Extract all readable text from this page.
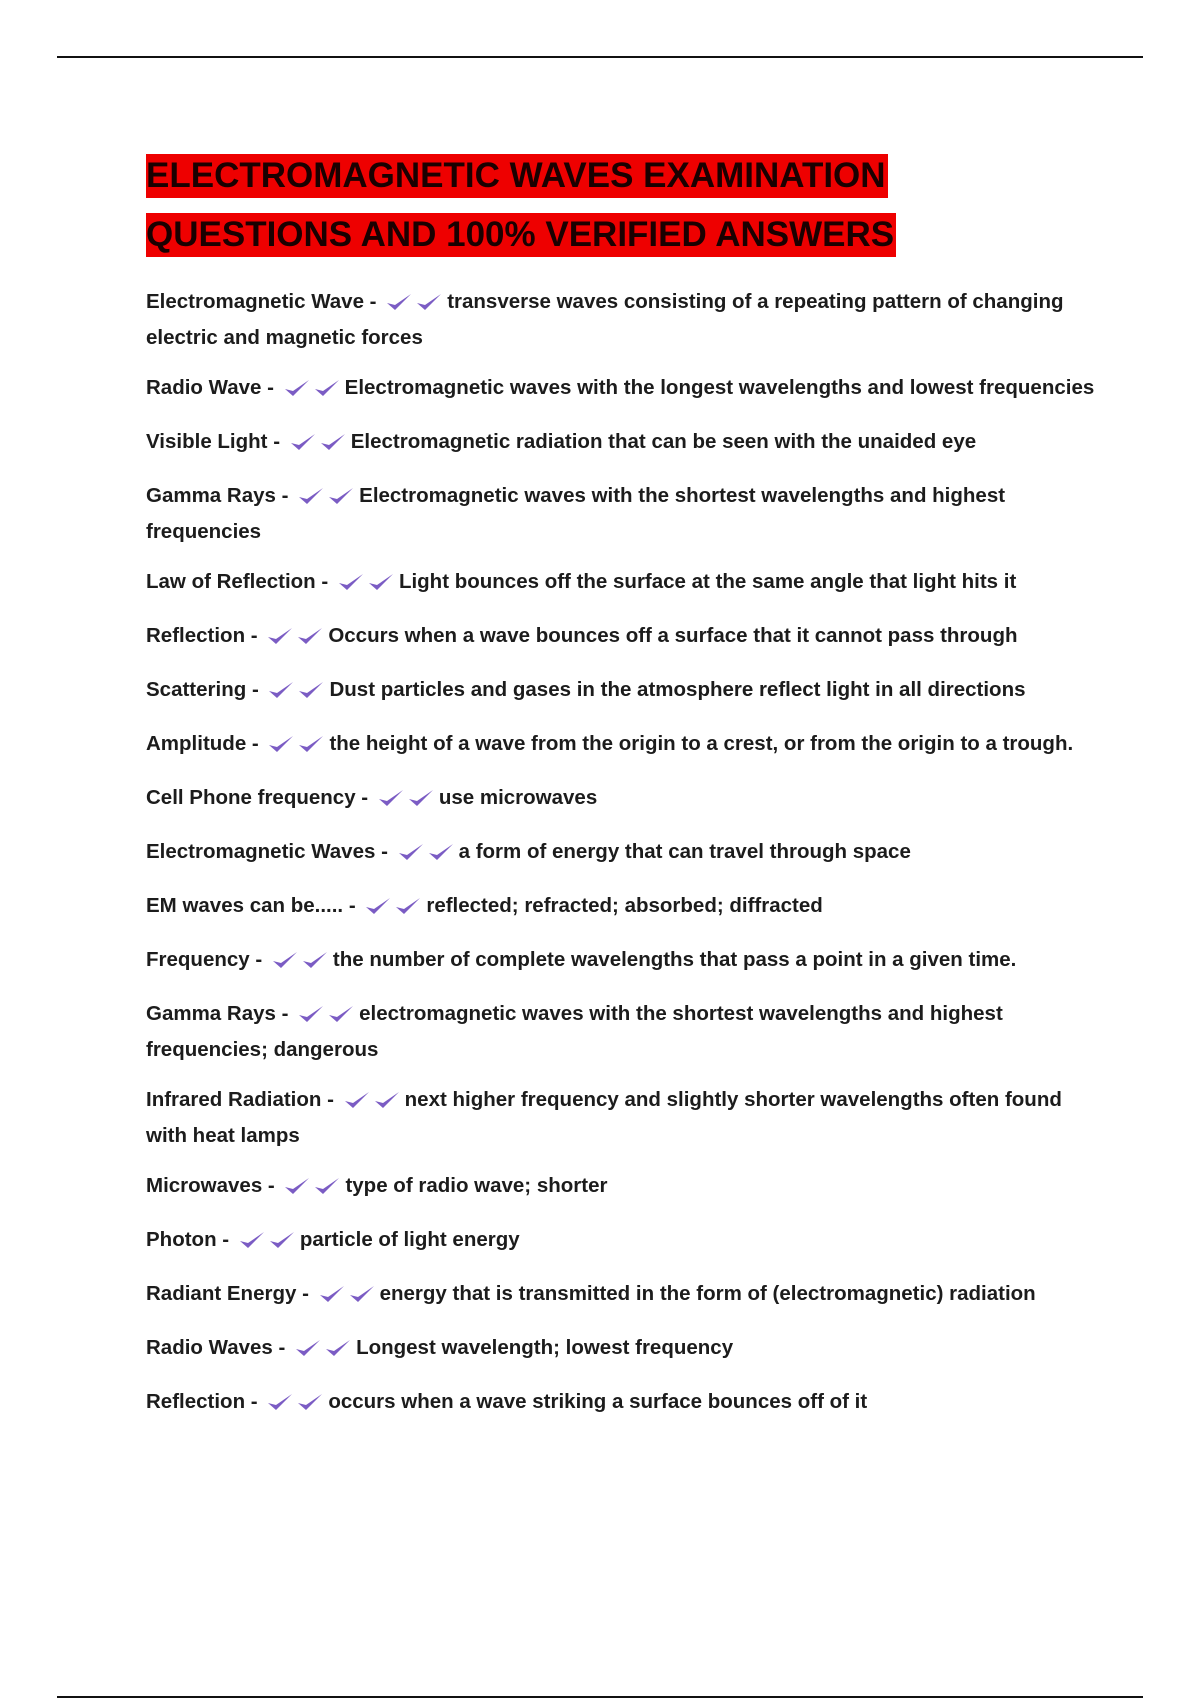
ELECTROMAGNETIC WAVES EXAMINATION
QUESTIONS AND 100% VERIFIED ANSWERS

Electromagnetic Wave -	transverse waves consisting of a repeating pattern of changing electric and magnetic forces

Radio Wave -	Electromagnetic waves with the longest wavelengths and lowest frequencies

Visible Light -	Electromagnetic radiation that can be seen with the unaided eye

Gamma Rays -	Electromagnetic waves with the shortest wavelengths and highest frequencies

Law of Reflection -	Light bounces off the surface at the same angle that light hits it

Reflection -	Occurs when a wave bounces off a surface that it cannot pass through

Scattering -	Dust particles and gases in the atmosphere reflect light in all directions

Amplitude -	the height of a wave from the origin to a crest, or from the origin to a trough.

Cell Phone frequency -	use microwaves

Electromagnetic Waves -	a form of energy that can travel through space

EM waves can be..... -	reflected; refracted; absorbed; diffracted

Frequency -	the number of complete wavelengths that pass a point in a given time.

Gamma Rays -	electromagnetic waves with the shortest wavelengths and highest frequencies; dangerous

Infrared Radiation -	next higher frequency and slightly shorter wavelengths often found with heat lamps

Microwaves -	type of radio wave; shorter

Photon -	particle of light energy

Radiant Energy -	energy that is transmitted in the form of (electromagnetic) radiation

Radio Waves -	Longest wavelength; lowest frequency

Reflection -	occurs when a wave striking a surface bounces off of it
